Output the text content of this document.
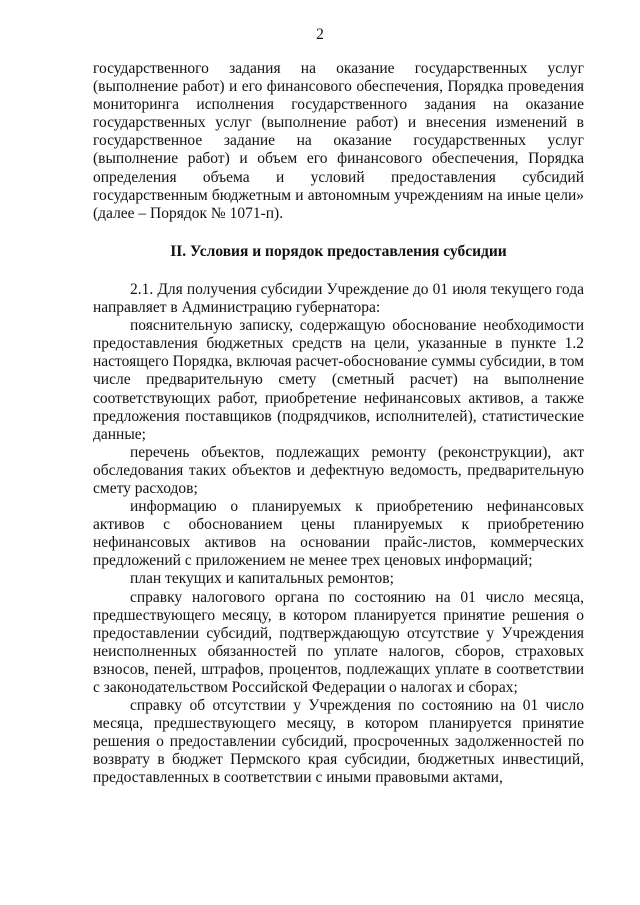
2

государственного задания на оказание государственных услуг (выполнение работ) и его финансового обеспечения, Порядка проведения мониторинга исполнения государственного задания на оказание государственных услуг (выполнение работ) и внесения изменений в государственное задание на оказание государственных услуг (выполнение работ) и объем его финансового обеспечения, Порядка определения объема и условий предоставления субсидий государственным бюджетным и автономным учреждениям на иные цели» (далее – Порядок № 1071-п).

II. Условия и порядок предоставления субсидии

2.1. Для получения субсидии Учреждение до 01 июля текущего года направляет в Администрацию губернатора:

пояснительную записку, содержащую обоснование необходимости предоставления бюджетных средств на цели, указанные в пункте 1.2 настоящего Порядка, включая расчет-обоснование суммы субсидии, в том числе предварительную смету (сметный расчет) на выполнение соответствующих работ, приобретение нефинансовых активов, а также предложения поставщиков (подрядчиков, исполнителей), статистические данные;

перечень объектов, подлежащих ремонту (реконструкции), акт обследования таких объектов и дефектную ведомость, предварительную смету расходов;

информацию о планируемых к приобретению нефинансовых активов с обоснованием цены планируемых к приобретению нефинансовых активов на основании прайс-листов, коммерческих предложений с приложением не менее трех ценовых информаций;

план текущих и капитальных ремонтов;

справку налогового органа по состоянию на 01 число месяца, предшествующего месяцу, в котором планируется принятие решения о предоставлении субсидий, подтверждающую отсутствие у Учреждения неисполненных обязанностей по уплате налогов, сборов, страховых взносов, пеней, штрафов, процентов, подлежащих уплате в соответствии с законодательством Российской Федерации о налогах и сборах;

справку об отсутствии у Учреждения по состоянию на 01 число месяца, предшествующего месяцу, в котором планируется принятие решения о предоставлении субсидий, просроченных задолженностей по возврату в бюджет Пермского края субсидии, бюджетных инвестиций, предоставленных в соответствии с иными правовыми актами,
